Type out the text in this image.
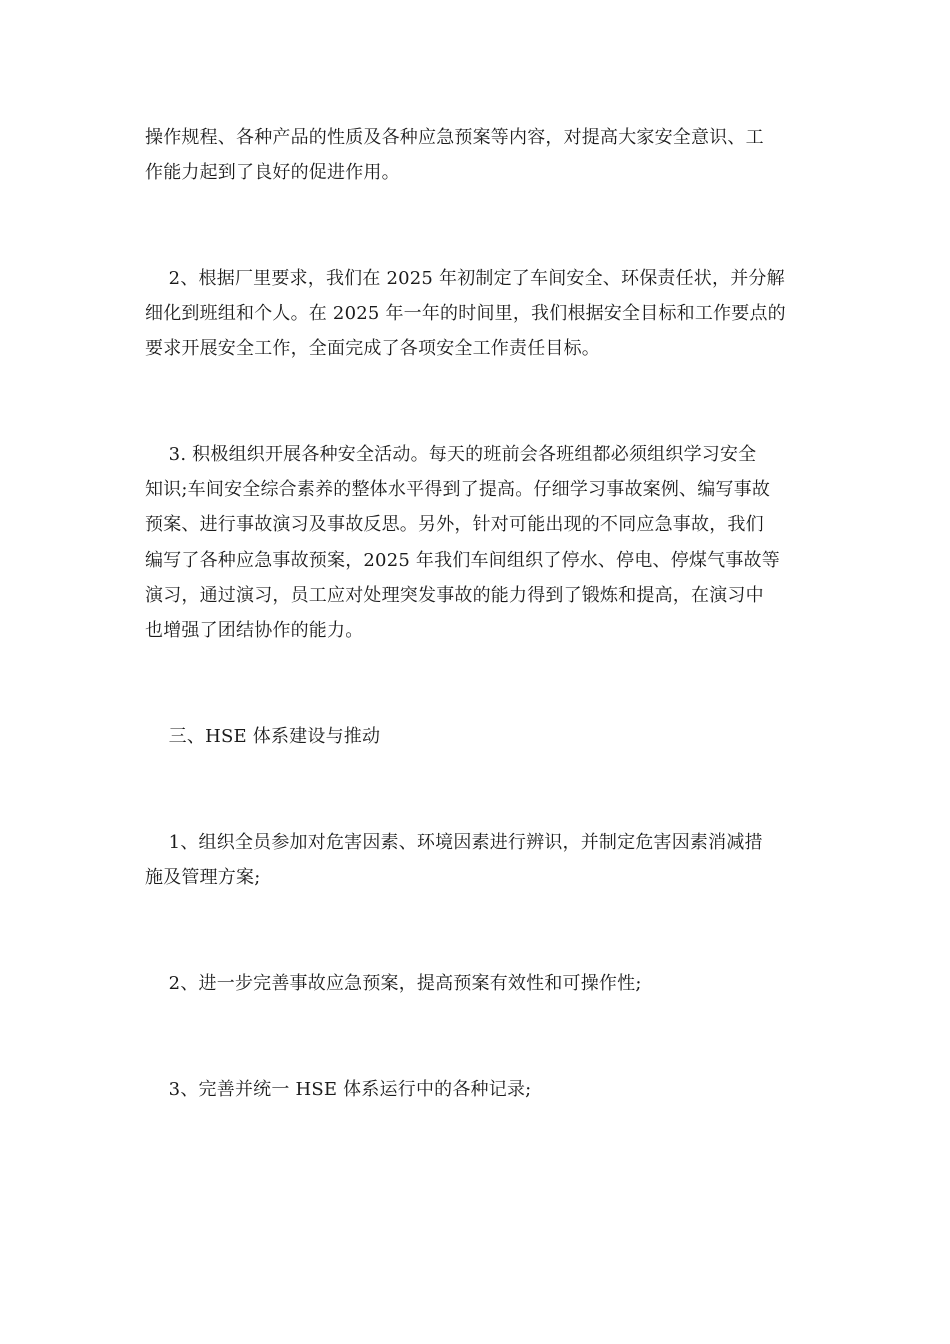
操作规程、各种产品的性质及各种应急预案等内容，对提高大家安全意识、工
作能力起到了良好的促进作用。
2、根据厂里要求，我们在 2025 年初制定了车间安全、环保责任状，并分解
细化到班组和个人。在 2025 年一年的时间里，我们根据安全目标和工作要点的
要求开展安全工作，全面完成了各项安全工作责任目标。
3. 积极组织开展各种安全活动。每天的班前会各班组都必须组织学习安全
知识;车间安全综合素养的整体水平得到了提高。仔细学习事故案例、编写事故
预案、进行事故演习及事故反思。另外，针对可能出现的不同应急事故，我们
编写了各种应急事故预案，2025 年我们车间组织了停水、停电、停煤气事故等
演习，通过演习，员工应对处理突发事故的能力得到了锻炼和提高，在演习中
也增强了团结协作的能力。
三、HSE 体系建设与推动
1、组织全员参加对危害因素、环境因素进行辨识，并制定危害因素消减措
施及管理方案;
2、进一步完善事故应急预案，提高预案有效性和可操作性;
3、完善并统一 HSE 体系运行中的各种记录;
